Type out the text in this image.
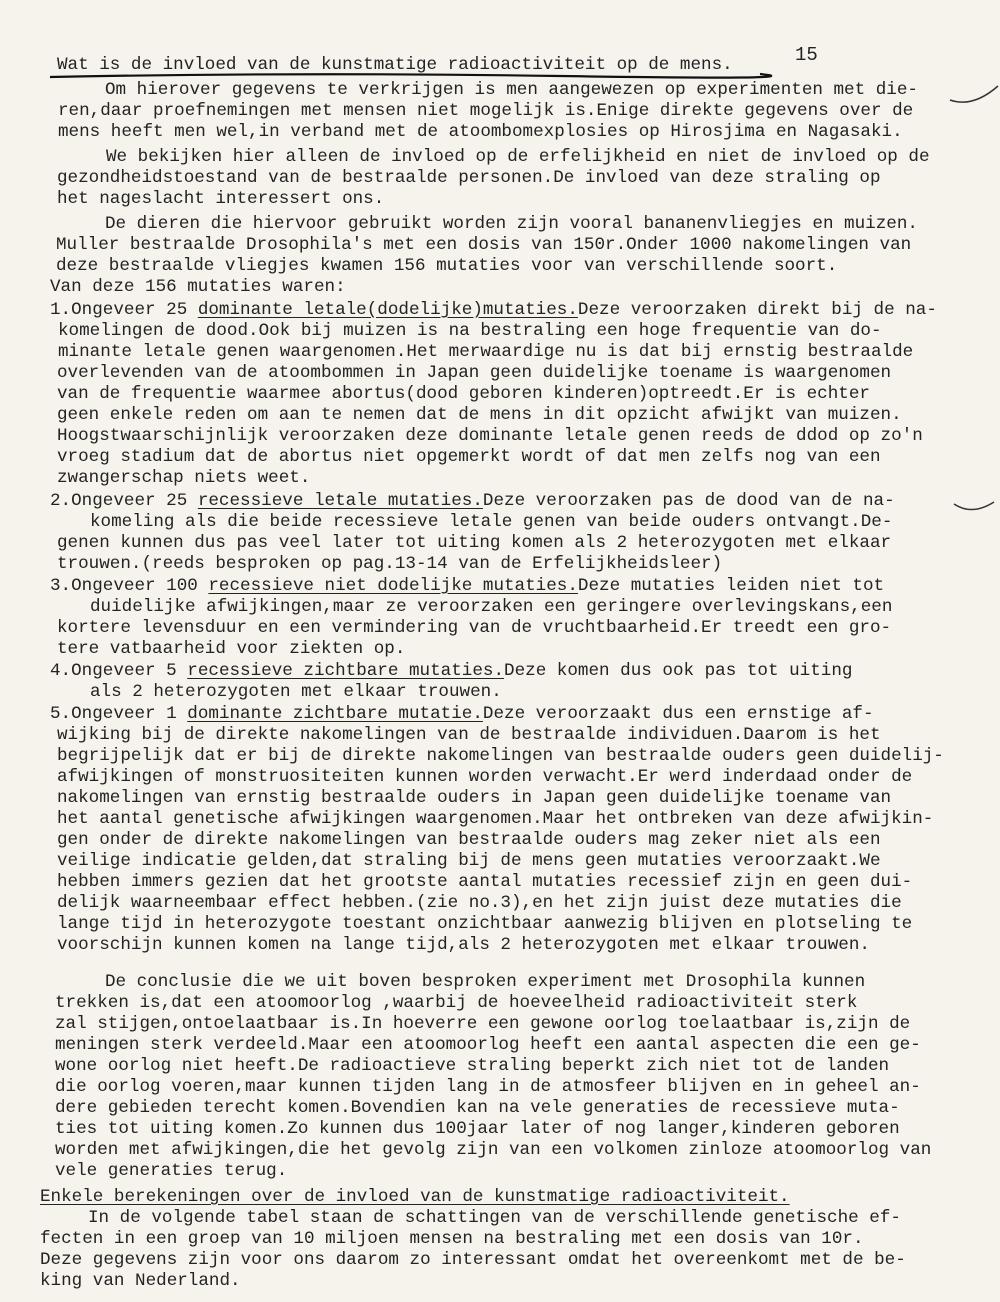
15
Wat is de invloed van de kunstmatige radioactiviteit op de mens.
Om hierover gegevens te verkrijgen is men aangewezen op experimenten met die-
ren,daar proefnemingen met mensen niet mogelijk is.Enige direkte gegevens over de
mens heeft men wel,in verband met de atoombomexplosies op Hirosjima en Nagasaki.
We bekijken hier alleen de invloed op de erfelijkheid en niet de invloed op de
gezondheidstoestand van de bestraalde personen.De invloed van deze straling op
het nageslacht interessert ons.
De dieren die hiervoor gebruikt worden zijn vooral bananenvliegjes en muizen.
Muller bestraalde Drosophila's met een dosis van 150r.Onder 1000 nakomelingen van
deze bestraalde vliegjes kwamen 156 mutaties voor van verschillende soort.
Van deze 156 mutaties waren:
1.Ongeveer 25 dominante letale(dodelijke)mutaties.Deze veroorzaken direkt bij de na-
komelingen de dood.Ook bij muizen is na bestraling een hoge frequentie van do-
minante letale genen waargenomen.Het merwaardige nu is dat bij ernstig bestraalde
overlevenden van de atoombommen in Japan geen duidelijke toename is waargenomen
van de frequentie waarmee abortus(dood geboren kinderen)optreedt.Er is echter
geen enkele reden om aan te nemen dat de mens in dit opzicht afwijkt van muizen.
Hoogstwaarschijnlijk veroorzaken deze dominante letale genen reeds de ddod op zo'n
vroeg stadium dat de abortus niet opgemerkt wordt of dat men zelfs nog van een
zwangerschap niets weet.
2.Ongeveer 25 recessieve letale mutaties.Deze veroorzaken pas de dood van de na-
komeling als die beide recessieve letale genen van beide ouders ontvangt.De-
genen kunnen dus pas veel later tot uiting komen als 2 heterozygoten met elkaar
trouwen.(reeds besproken op pag.13-14 van de Erfelijkheidsleer)
3.Ongeveer 100 recessieve niet dodelijke mutaties.Deze mutaties leiden niet tot
duidelijke afwijkingen,maar ze veroorzaken een geringere overlevingskans,een
kortere levensduur en een vermindering van de vruchtbaarheid.Er treedt een gro-
tere vatbaarheid voor ziekten op.
4.Ongeveer 5 recessieve zichtbare mutaties.Deze komen dus ook pas tot uiting
als 2 heterozygoten met elkaar trouwen.
5.Ongeveer 1 dominante zichtbare mutatie.Deze veroorzaakt dus een ernstige af-
wijking bij de direkte nakomelingen van de bestraalde individuen.Daarom is het
begrijpelijk dat er bij de direkte nakomelingen van bestraalde ouders geen duidelij-
afwijkingen of monstruositeiten kunnen worden verwacht.Er werd inderdaad onder de
nakomelingen van ernstig bestraalde ouders in Japan geen duidelijke toename van
het aantal genetische afwijkingen waargenomen.Maar het ontbreken van deze afwijkin-
gen onder de direkte nakomelingen van bestraalde ouders mag zeker niet als een
veilige indicatie gelden,dat straling bij de mens geen mutaties veroorzaakt.We
hebben immers gezien dat het grootste aantal mutaties recessief zijn en geen dui-
delijk waarneembaar effect hebben.(zie no.3),en het zijn juist deze mutaties die
lange tijd in heterozygote toestant onzichtbaar aanwezig blijven en plotseling te
voorschijn kunnen komen na lange tijd,als 2 heterozygoten met elkaar trouwen.
De conclusie die we uit boven besproken experiment met Drosophila kunnen
trekken is,dat een atoomoorlog ,waarbij de hoeveelheid radioactiviteit sterk
zal stijgen,ontoelaatbaar is.In hoeverre een gewone oorlog toelaatbaar is,zijn de
meningen sterk verdeeld.Maar een atoomoorlog heeft een aantal aspecten die een ge-
wone oorlog niet heeft.De radioactieve straling beperkt zich niet tot de landen
die oorlog voeren,maar kunnen tijden lang in de atmosfeer blijven en in geheel an-
dere gebieden terecht komen.Bovendien kan na vele generaties de recessieve muta-
ties tot uiting komen.Zo kunnen dus 100jaar later of nog langer,kinderen geboren
worden met afwijkingen,die het gevolg zijn van een volkomen zinloze atoomoorlog van
vele generaties terug.
Enkele berekeningen over de invloed van de kunstmatige radioactiviteit.
In de volgende tabel staan de schattingen van de verschillende genetische ef-
fecten in een groep van 10 miljoen mensen na bestraling met een dosis van 10r.
Deze gegevens zijn voor ons daarom zo interessant omdat het overeenkomt met de be-
king van Nederland.
